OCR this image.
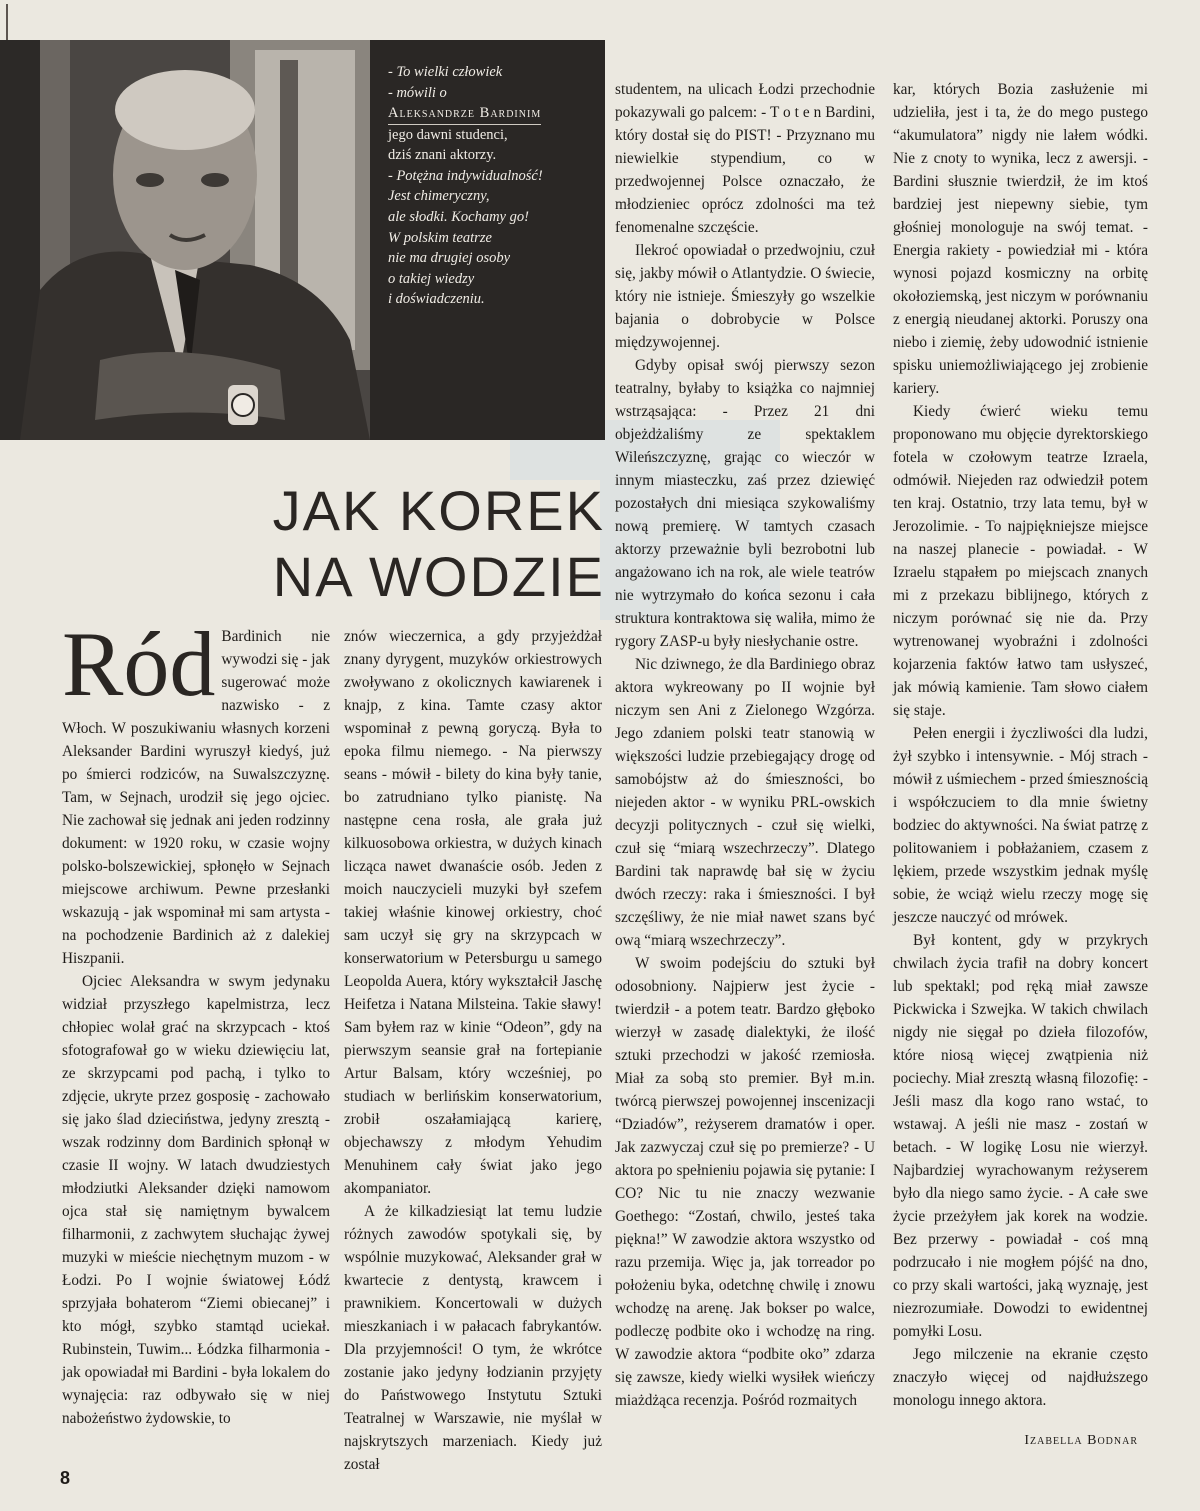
- To wielki człowiek

- mówili o

Aleksandrze Bardinim

jego dawni studenci,

dziś znani aktorzy.

- Potężna indywidualność!

Jest chimeryczny,

ale słodki. Kochamy go!

W polskim teatrze

nie ma drugiej osoby

o takiej wiedzy

i doświadczeniu.

JAK KOREK
NA WODZIE
Ród Bardinich nie wywodzi się - jak sugerować może nazwisko - z Włoch. W poszukiwaniu własnych korzeni Aleksander Bardini wyruszył kiedyś, już po śmierci rodziców, na Suwalszczyznę. Tam, w Sejnach, urodził się jego ojciec. Nie zachował się jednak ani jeden rodzinny dokument: w 1920 roku, w czasie wojny polsko-bolszewickiej, spłonęło w Sejnach miejscowe archiwum. Pewne przesłanki wskazują - jak wspominał mi sam artysta - na pochodzenie Bardinich aż z dalekiej Hiszpanii.

Ojciec Aleksandra w swym jedynaku widział przyszłego kapelmistrza, lecz chłopiec wolał grać na skrzypcach - ktoś sfotografował go w wieku dziewięciu lat, ze skrzypcami pod pachą, i tylko to zdjęcie, ukryte przez gosposię - zachowało się jako ślad dzieciństwa, jedyny zresztą - wszak rodzinny dom Bardinich spłonął w czasie II wojny. W latach dwudziestych młodziutki Aleksander dzięki namowom ojca stał się namiętnym bywalcem filharmonii, z zachwytem słuchając żywej muzyki w mieście niechętnym muzom - w Łodzi. Po I wojnie światowej Łódź sprzyjała bohaterom “Ziemi obiecanej” i kto mógł, szybko stamtąd uciekał. Rubinstein, Tuwim... Łódzka filharmonia - jak opowiadał mi Bardini - była lokalem do wynajęcia: raz odbywało się w niej nabożeństwo żydowskie, to

znów wieczernica, a gdy przyjeżdżał znany dyrygent, muzyków orkiestrowych zwoływano z okolicznych kawiarenek i knajp, z kina. Tamte czasy aktor wspominał z pewną goryczą. Była to epoka filmu niemego. - Na pierwszy seans - mówił - bilety do kina były tanie, bo zatrudniano tylko pianistę. Na następne cena rosła, ale grała już kilkuosobowa orkiestra, w dużych kinach licząca nawet dwanaście osób. Jeden z moich nauczycieli muzyki był szefem takiej właśnie kinowej orkiestry, choć sam uczył się gry na skrzypcach w konserwatorium w Petersburgu u samego Leopolda Auera, który wykształcił Jaschę Heifetza i Natana Milsteina. Takie sławy! Sam byłem raz w kinie “Odeon”, gdy na pierwszym seansie grał na fortepianie Artur Balsam, który wcześniej, po studiach w berlińskim konserwatorium, zrobił oszałamiającą karierę, objechawszy z młodym Yehudim Menuhinem cały świat jako jego akompaniator.

A że kilkadziesiąt lat temu ludzie różnych zawodów spotykali się, by wspólnie muzykować, Aleksander grał w kwartecie z dentystą, krawcem i prawnikiem. Koncertowali w dużych mieszkaniach i w pałacach fabrykantów. Dla przyjemności! O tym, że wkrótce zostanie jako jedyny łodzianin przyjęty do Państwowego Instytutu Sztuki Teatralnej w Warszawie, nie myślał w najskrytszych marzeniach. Kiedy już został

studentem, na ulicach Łodzi przechodnie pokazywali go palcem: - T o t e n Bardini, który dostał się do PIST! - Przyznano mu niewielkie stypendium, co w przedwojennej Polsce oznaczało, że młodzieniec oprócz zdolności ma też fenomenalne szczęście.

Ilekroć opowiadał o przedwojniu, czuł się, jakby mówił o Atlantydzie. O świecie, który nie istnieje. Śmieszyły go wszelkie bajania o dobrobycie w Polsce międzywojennej.

Gdyby opisał swój pierwszy sezon teatralny, byłaby to książka co najmniej wstrząsająca: - Przez 21 dni objeżdżaliśmy ze spektaklem Wileńszczyznę, grając co wieczór w innym miasteczku, zaś przez dziewięć pozostałych dni miesiąca szykowaliśmy nową premierę. W tamtych czasach aktorzy przeważnie byli bezrobotni lub angażowano ich na rok, ale wiele teatrów nie wytrzymało do końca sezonu i cała struktura kontraktowa się waliła, mimo że rygory ZASP-u były niesłychanie ostre.

Nic dziwnego, że dla Bardiniego obraz aktora wykreowany po II wojnie był niczym sen Ani z Zielonego Wzgórza. Jego zdaniem polski teatr stanowią w większości ludzie przebiegający drogę od samobójstw aż do śmieszności, bo niejeden aktor - w wyniku PRL-owskich decyzji politycznych - czuł się wielki, czuł się “miarą wszechrzeczy”. Dlatego Bardini tak naprawdę bał się w życiu dwóch rzeczy: raka i śmieszności. I był szczęśliwy, że nie miał nawet szans być ową “miarą wszechrzeczy”.

W swoim podejściu do sztuki był odosobniony. Najpierw jest życie - twierdził - a potem teatr. Bardzo głęboko wierzył w zasadę dialektyki, że ilość sztuki przechodzi w jakość rzemiosła. Miał za sobą sto premier. Był m.in. twórcą pierwszej powojennej inscenizacji “Dziadów”, reżyserem dramatów i oper. Jak zazwyczaj czuł się po premierze? - U aktora po spełnieniu pojawia się pytanie: I CO? Nic tu nie znaczy wezwanie Goethego: “Zostań, chwilo, jesteś taka piękna!” W zawodzie aktora wszystko od razu przemija. Więc ja, jak torreador po położeniu byka, odetchnę chwilę i znowu wchodzę na arenę. Jak bokser po walce, podleczę podbite oko i wchodzę na ring. W zawodzie aktora “podbite oko” zdarza się zawsze, kiedy wielki wysiłek wieńczy miażdżąca recenzja. Pośród rozmaitych

kar, których Bozia zasłużenie mi udzieliła, jest i ta, że do mego pustego “akumulatora” nigdy nie lałem wódki. Nie z cnoty to wynika, lecz z awersji. - Bardini słusznie twierdził, że im ktoś bardziej jest niepewny siebie, tym głośniej monologuje na swój temat. - Energia rakiety - powiedział mi - która wynosi pojazd kosmiczny na orbitę okołoziemską, jest niczym w porównaniu z energią nieudanej aktorki. Poruszy ona niebo i ziemię, żeby udowodnić istnienie spisku uniemożliwiającego jej zrobienie kariery.

Kiedy ćwierć wieku temu proponowano mu objęcie dyrektorskiego fotela w czołowym teatrze Izraela, odmówił. Niejeden raz odwiedził potem ten kraj. Ostatnio, trzy lata temu, był w Jerozolimie. - To najpiękniejsze miejsce na naszej planecie - powiadał. - W Izraelu stąpałem po miejscach znanych mi z przekazu biblijnego, których z niczym porównać się nie da. Przy wytrenowanej wyobraźni i zdolności kojarzenia faktów łatwo tam usłyszeć, jak mówią kamienie. Tam słowo ciałem się staje.

Pełen energii i życzliwości dla ludzi, żył szybko i intensywnie. - Mój strach - mówił z uśmiechem - przed śmiesznością i współczuciem to dla mnie świetny bodziec do aktywności. Na świat patrzę z politowaniem i pobłażaniem, czasem z lękiem, przede wszystkim jednak myślę sobie, że wciąż wielu rzeczy mogę się jeszcze nauczyć od mrówek.

Był kontent, gdy w przykrych chwilach życia trafił na dobry koncert lub spektakl; pod ręką miał zawsze Pickwicka i Szwejka. W takich chwilach nigdy nie sięgał po dzieła filozofów, które niosą więcej zwątpienia niż pociechy. Miał zresztą własną filozofię: - Jeśli masz dla kogo rano wstać, to wstawaj. A jeśli nie masz - zostań w betach. - W logikę Losu nie wierzył. Najbardziej wyrachowanym reżyserem było dla niego samo życie. - A całe swe życie przeżyłem jak korek na wodzie. Bez przerwy - powiadał - coś mną podrzucało i nie mogłem pójść na dno, co przy skali wartości, jaką wyznaję, jest niezrozumiałe. Dowodzi to ewidentnej pomyłki Losu.

Jego milczenie na ekranie często znaczyło więcej od najdłuższego monologu innego aktora.

Izabella Bodnar
8
